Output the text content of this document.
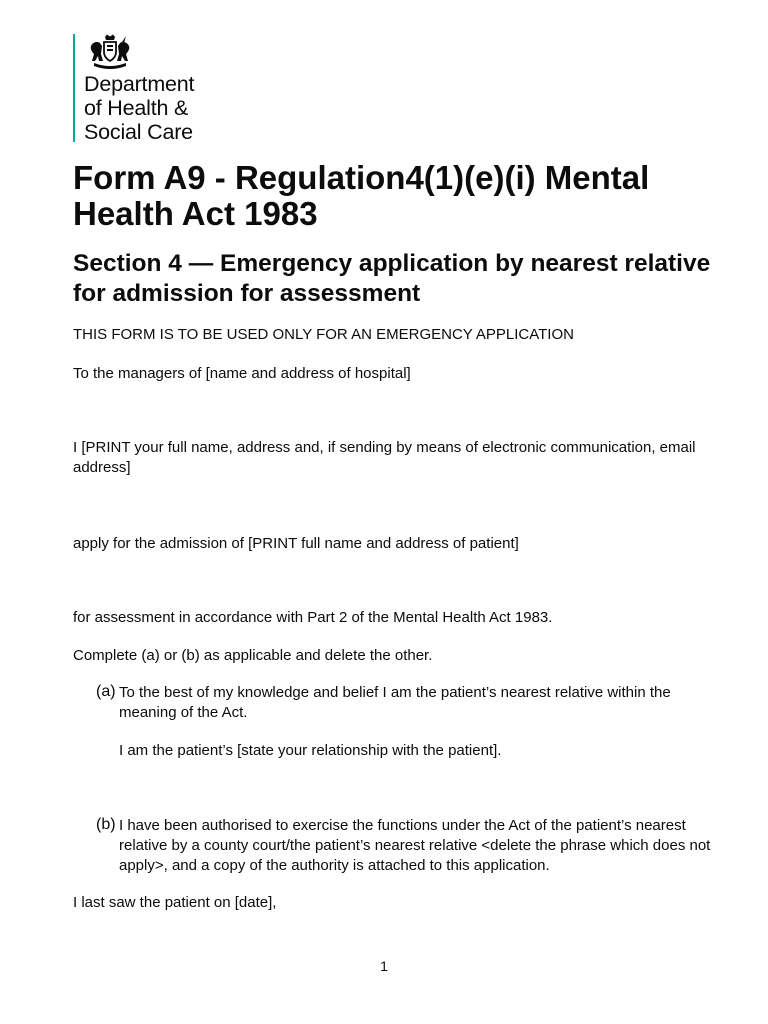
Department
of Health &
Social Care
Form A9 - Regulation4(1)(e)(i) Mental Health Act 1983
Section 4 — Emergency application by nearest relative for admission for assessment

THIS FORM IS TO BE USED ONLY FOR AN EMERGENCY APPLICATION

To the managers of [name and address of hospital]

I [PRINT your full name, address and, if sending by means of electronic communication, email address]

apply for the admission of [PRINT full name and address of patient]

for assessment in accordance with Part 2 of the Mental Health Act 1983.

Complete (a) or (b) as applicable and delete the other.

(a) To the best of my knowledge and belief I am the patient’s nearest relative within the meaning of the Act.

I am the patient’s [state your relationship with the patient].

(b) I have been authorised to exercise the functions under the Act of the patient’s nearest relative by a county court/the patient’s nearest relative <delete the phrase which does not apply>, and a copy of the authority is attached to this application.

I last saw the patient on [date],

1
